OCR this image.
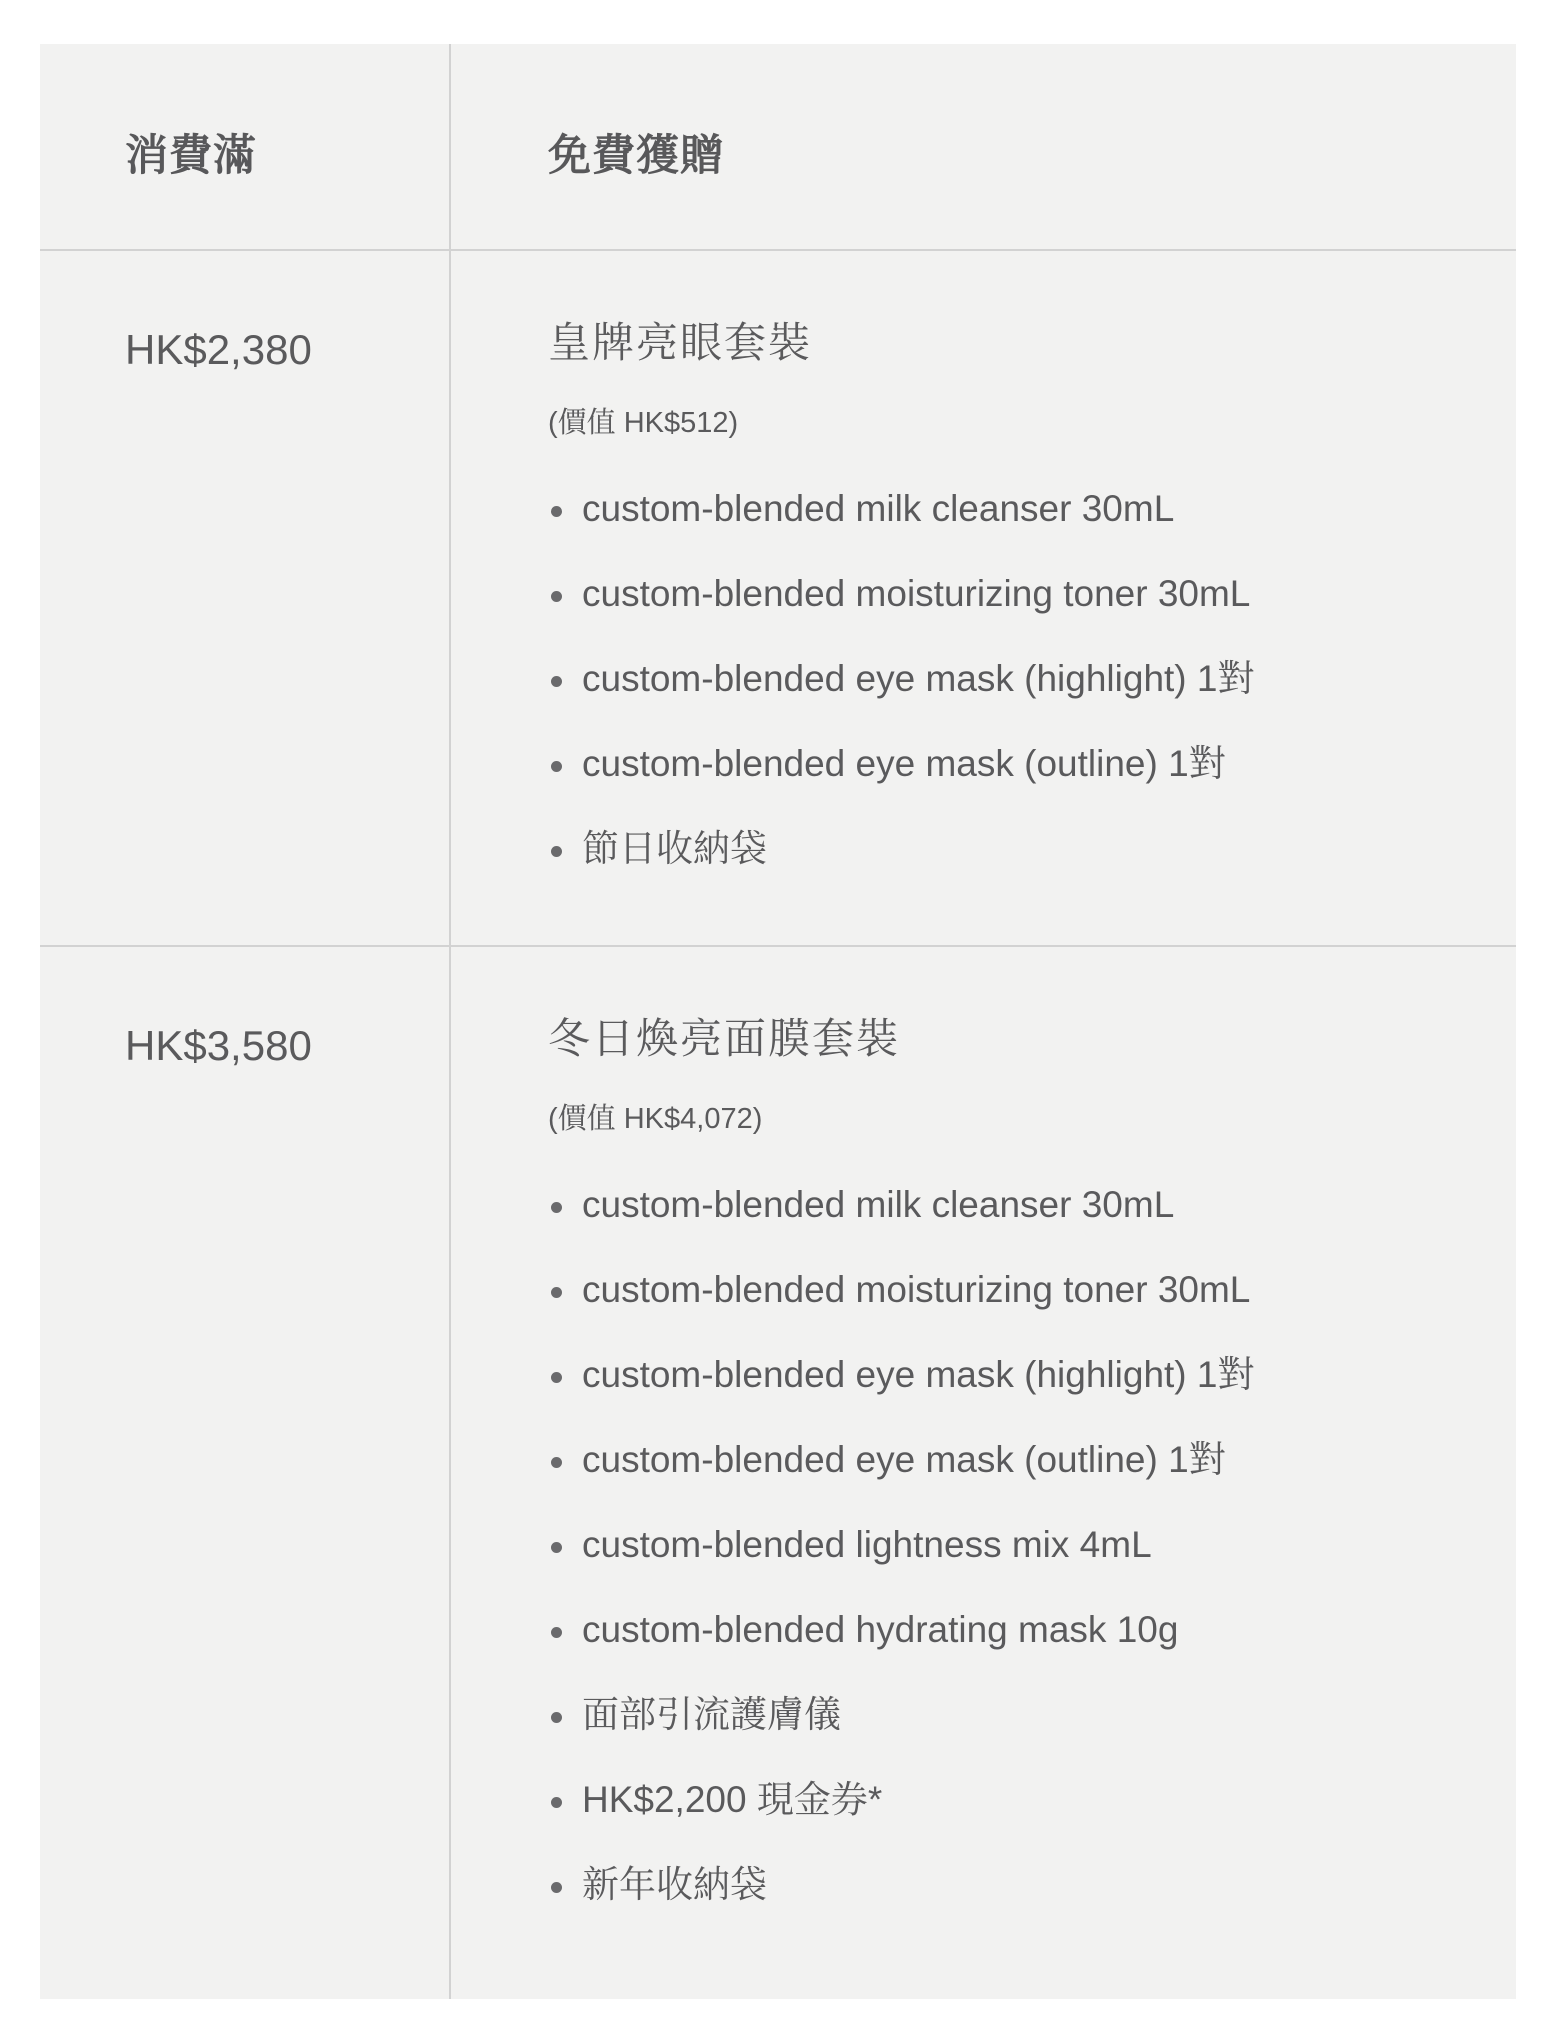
消費滿	免費獲贈
HK$2,380	皇牌亮眼套裝
(價值 HK$512)
custom-blended milk cleanser 30mL
custom-blended moisturizing toner 30mL
custom-blended eye mask (highlight) 1對
custom-blended eye mask (outline) 1對
節日收納袋
HK$3,580	冬日煥亮面膜套裝
(價值 HK$4,072)
custom-blended milk cleanser 30mL
custom-blended moisturizing toner 30mL
custom-blended eye mask (highlight) 1對
custom-blended eye mask (outline) 1對
custom-blended lightness mix 4mL
custom-blended hydrating mask 10g
面部引流護膚儀
HK$2,200 現金券*
新年收納袋
